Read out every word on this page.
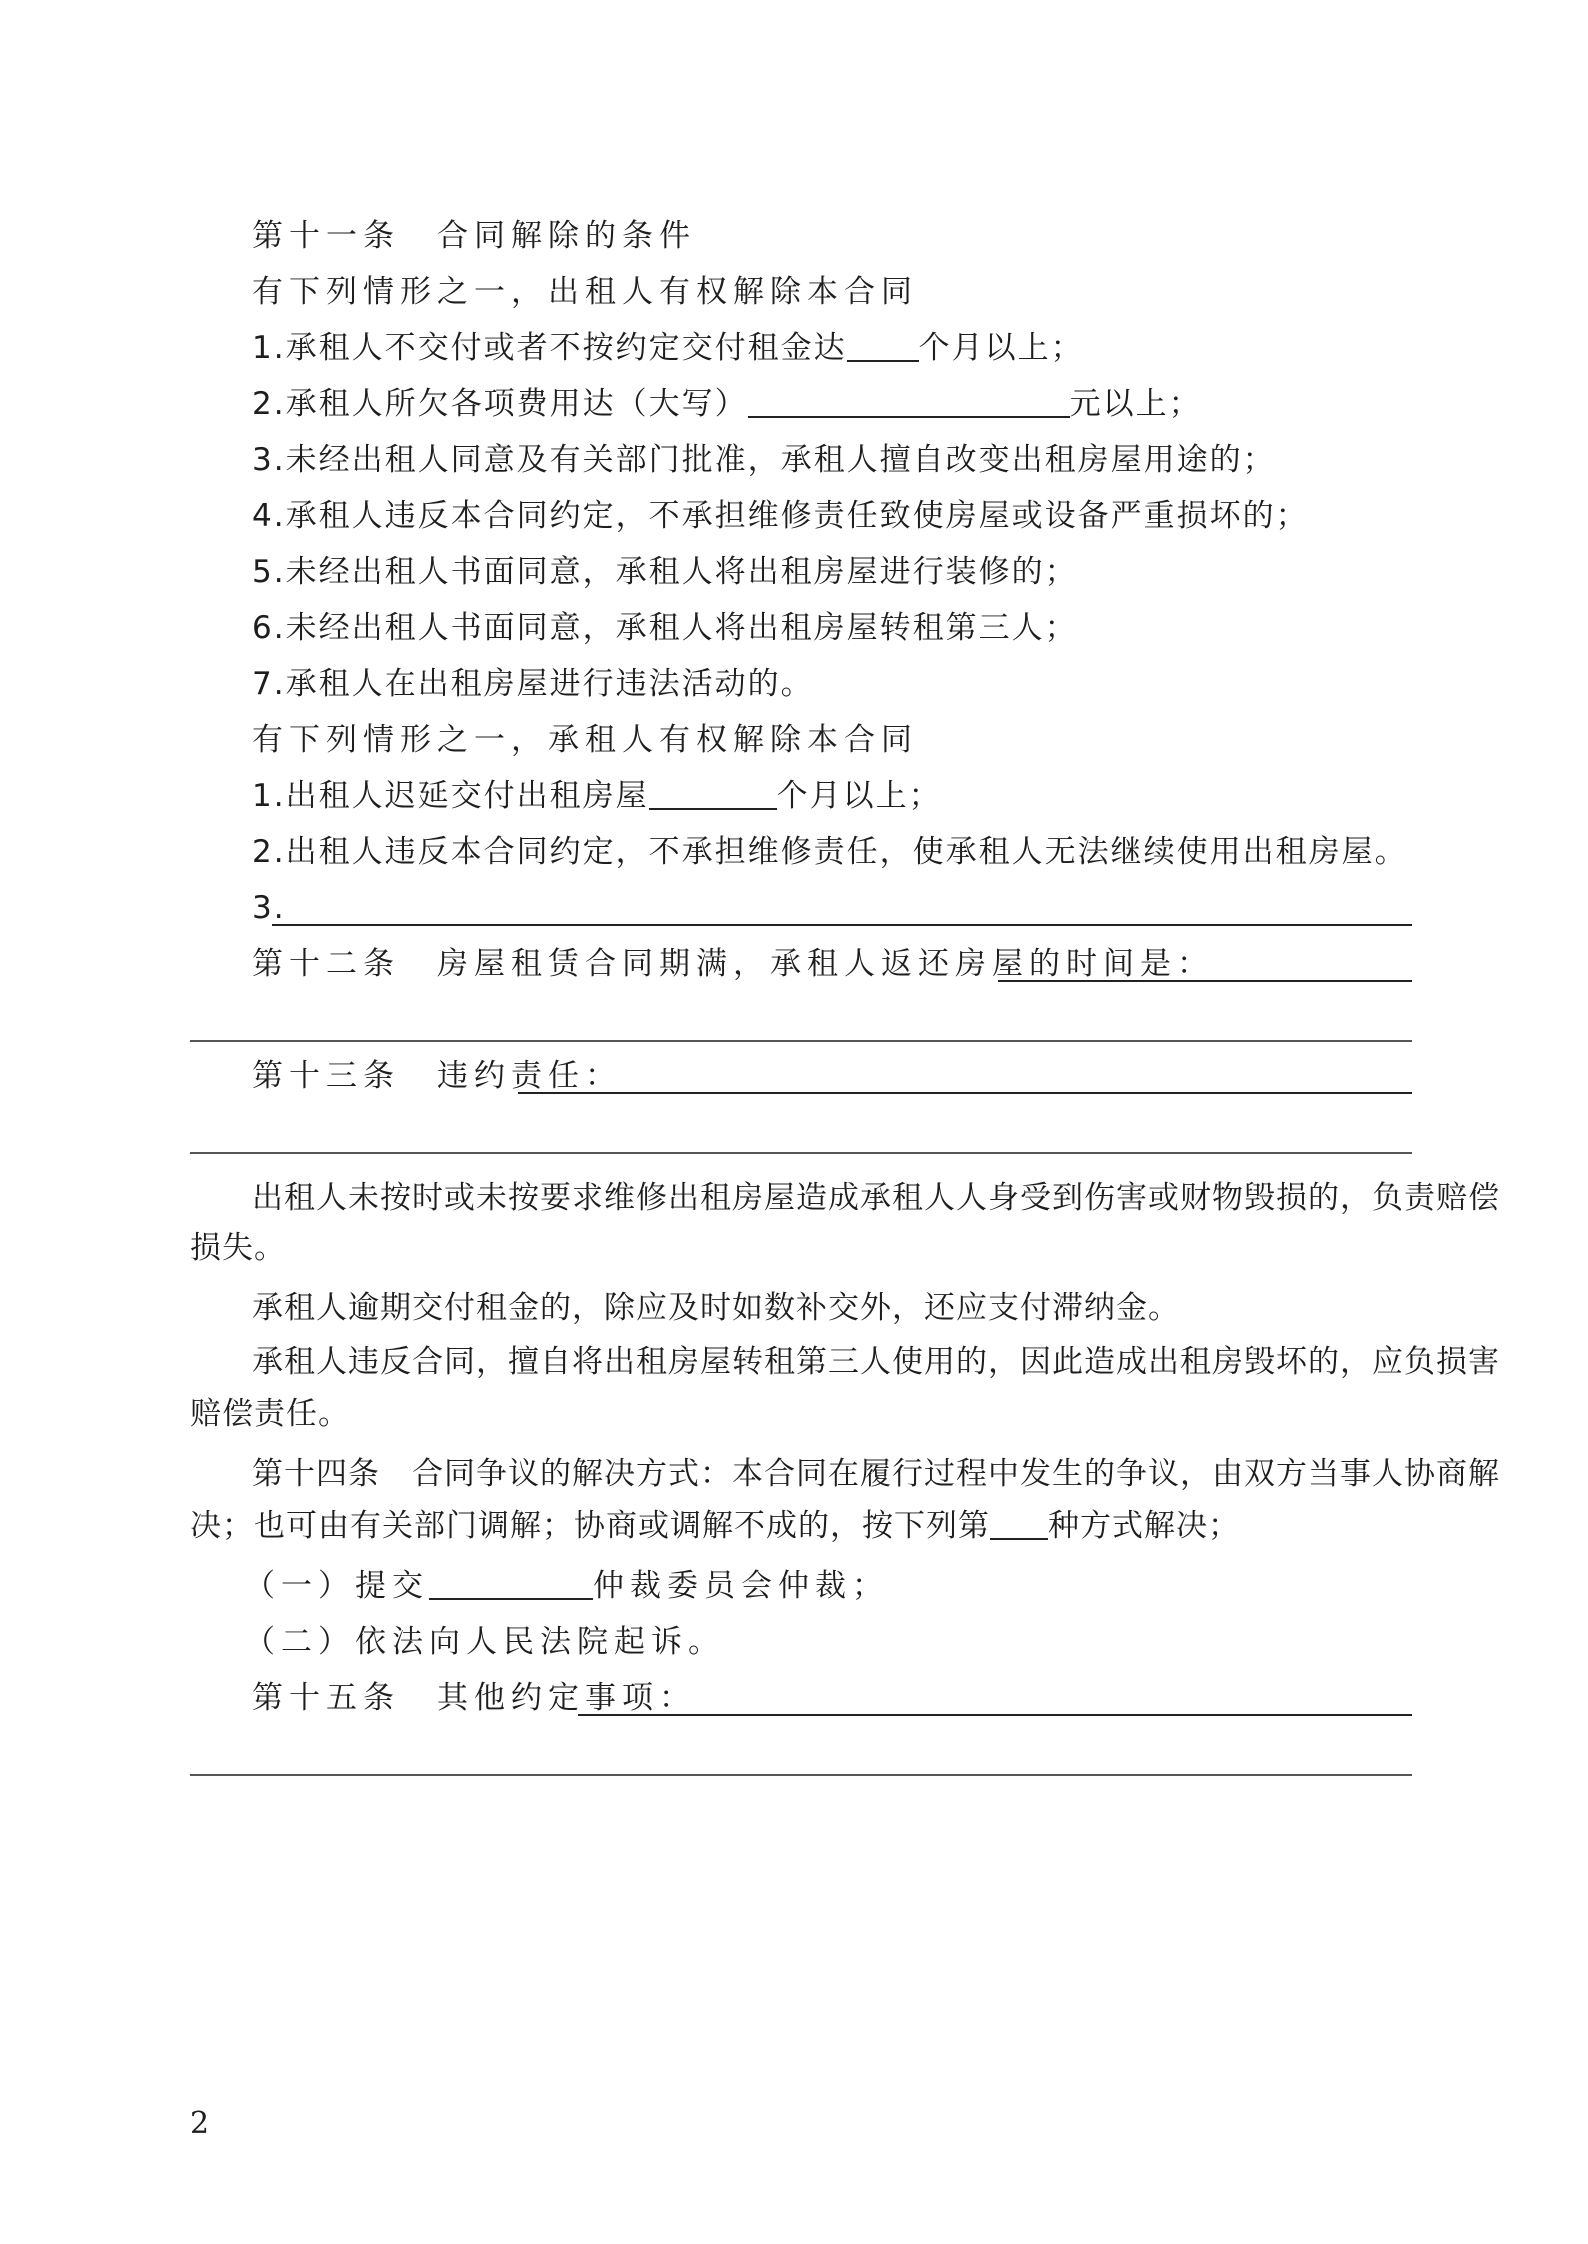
第十一条　合同解除的条件
有下列情形之一，出租人有权解除本合同
1.承租人不交付或者不按约定交付租金达 个月以上；
2.承租人所欠各项费用达（大写）	元以上；
3.未经出租人同意及有关部门批准，承租人擅自改变出租房屋用途的；
4.承租人违反本合同约定，不承担维修责任致使房屋或设备严重损坏的；
5.未经出租人书面同意，承租人将出租房屋进行装修的；
6.未经出租人书面同意，承租人将出租房屋转租第三人；
7.承租人在出租房屋进行违法活动的。
有下列情形之一，承租人有权解除本合同
1.出租人迟延交付出租房屋	个月以上；
2.出租人违反本合同约定，不承担维修责任，使承租人无法继续使用出租房屋。
3.
第十二条　房屋租赁合同期满，承租人返还房屋的时间是：
第十三条　违约责任：
出租人未按时或未按要求维修出租房屋造成承租人人身受到伤害或财物毁损的，负责赔偿
损失。
承租人逾期交付租金的，除应及时如数补交外，还应支付滞纳金。
承租人违反合同，擅自将出租房屋转租第三人使用的，因此造成出租房毁坏的，应负损害
赔偿责任。
第十四条　合同争议的解决方式：本合同在履行过程中发生的争议，由双方当事人协商解
决；也可由有关部门调解；协商或调解不成的，按下列第 种方式解决；
（一）提交	仲裁委员会仲裁；
（二）依法向人民法院起诉。
第十五条　其他约定事项：
2
